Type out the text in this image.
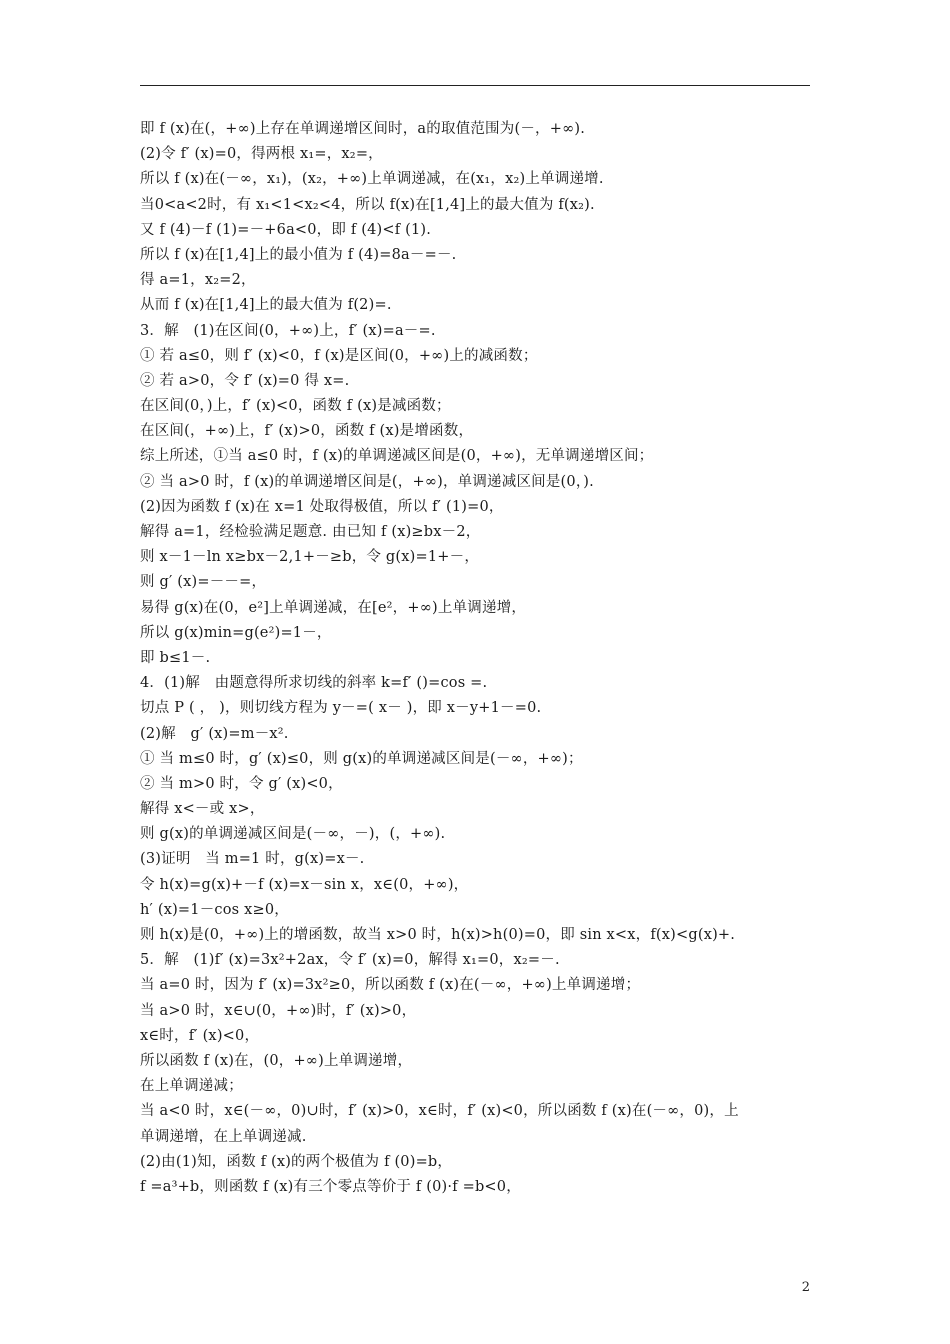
即 f (x)在(，+∞)上存在单调递增区间时，a的取值范围为(－，+∞).
(2)令 f′ (x)=0，得两根 x₁=，x₂=，
所以 f (x)在(－∞，x₁)，(x₂，+∞)上单调递减，在(x₁，x₂)上单调递增.
当0<a<2时，有 x₁<1<x₂<4，所以 f(x)在[1,4]上的最大值为 f(x₂).
又 f (4)－f (1)=－+6a<0，即 f (4)<f (1).
所以 f (x)在[1,4]上的最小值为 f (4)=8a－=－.
得 a=1，x₂=2，
从而 f (x)在[1,4]上的最大值为 f(2)=.
3．解　(1)在区间(0，+∞)上，f′ (x)=a－=.
① 若 a≤0，则 f′ (x)<0，f (x)是区间(0，+∞)上的减函数；
② 若 a>0，令 f′ (x)=0 得 x=.
在区间(0，)上，f′ (x)<0，函数 f (x)是减函数；
在区间(，+∞)上，f′ (x)>0，函数 f (x)是增函数，
综上所述，①当 a≤0 时，f (x)的单调递减区间是(0，+∞)，无单调递增区间；
② 当 a>0 时，f (x)的单调递增区间是(，+∞)，单调递减区间是(0，).
(2)因为函数 f (x)在 x=1 处取得极值，所以 f′ (1)=0，
解得 a=1，经检验满足题意. 由已知 f (x)≥bx－2，
则 x－1－ln x≥bx－2,1+－≥b，令 g(x)=1+－，
则 g′ (x)=－－=，
易得 g(x)在(0，e²]上单调递减，在[e²，+∞)上单调递增，
所以 g(x)min=g(e²)=1－，
即 b≤1－.
4．(1)解　由题意得所求切线的斜率 k=f′ ()=cos =.
切点 P ( ， )，则切线方程为 y－=( x－ )，即 x－y+1－=0.
(2)解　g′ (x)=m－x².
① 当 m≤0 时，g′ (x)≤0，则 g(x)的单调递减区间是(－∞，+∞)；
② 当 m>0 时，令 g′ (x)<0，
解得 x<－或 x>，
则 g(x)的单调递减区间是(－∞，－)，(，+∞).
(3)证明　当 m=1 时，g(x)=x－.
令 h(x)=g(x)+－f (x)=x－sin x，x∈(0，+∞)，
h′ (x)=1－cos x≥0，
则 h(x)是(0，+∞)上的增函数，故当 x>0 时，h(x)>h(0)=0，即 sin x<x，f(x)<g(x)+.
5．解　(1)f′ (x)=3x²+2ax，令 f′ (x)=0，解得 x₁=0，x₂=－.
当 a=0 时，因为 f′ (x)=3x²≥0，所以函数 f (x)在(－∞，+∞)上单调递增；
当 a>0 时，x∈∪(0，+∞)时，f′ (x)>0，
x∈时，f′ (x)<0，
所以函数 f (x)在，(0，+∞)上单调递增，
在上单调递减；
当 a<0 时，x∈(－∞，0)∪时，f′ (x)>0，x∈时，f′ (x)<0，所以函数 f (x)在(－∞，0)，上
单调递增，在上单调递减.
(2)由(1)知，函数 f (x)的两个极值为 f (0)=b，
f =a³+b，则函数 f (x)有三个零点等价于 f (0)·f =b<0，
2
